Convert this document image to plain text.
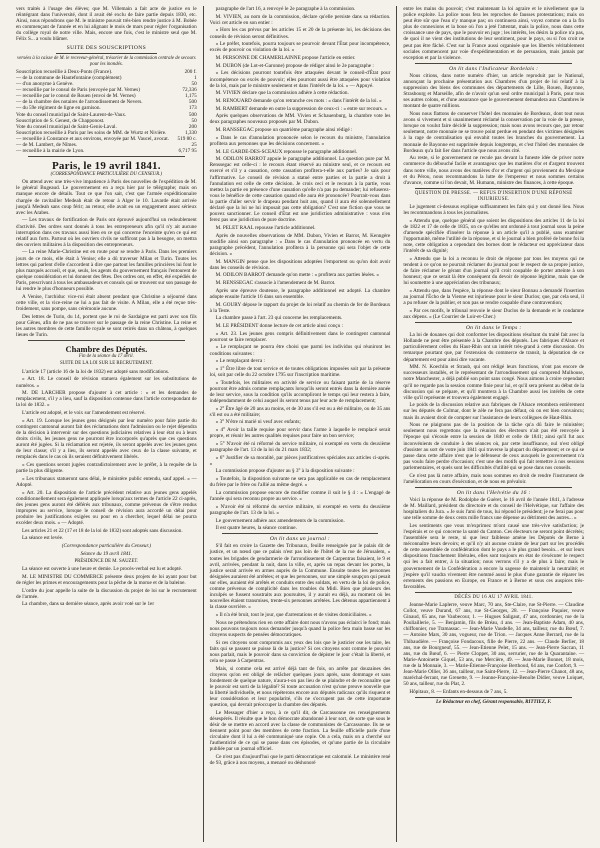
vers traités à l'usage des élèves; que M. Villemain a fait acte de justice en le réintégrant dans l'université, dont il avait été exclu de faire partie depuis 1830, etc. Ainsi, nous répondrons que M. le ministre pouvait très-bien rendre justice à M. Bobée en commençant de l'année et en lui alignant le mois de mars pour régler l'organisation du collège royal de notre ville. Mais, encore une fois, c'est le ministre seul que M. Félix S... a voulu blâmer.

SUITE DES SOUSCRIPTIONS

versées à la caisse de M. le receveur-général, trésorier de la commission centrale de secours pour les inondés.

Souscription recueillie à Deux-Ponts (France).	200 f.
— de la commune de Hautefontaine (complément)	1
— d'un anonyme à Genève.	50
— recueillie par le consul de Paris (envoyée par M. Vernes)	72,336
— recueillie par le consul de Rouen (envoi de M. Vernes)	1,175
— de la chambre des notaires de l'arrondissement de Nevers.	500
— du 59e régiment de ligne en garnison.	173
Vote du conseil municipal de Saint-Laurent-de-Vaux.	500
Souscription de S. Genest, de Chapponost.	50
Vote du conseil municipal de Saint-Genis-Laval.	200
Souscription recueillie à Paris par les soins de MM. de Wurtz et Nivière.	1,330
— recueillie à Constance et aux environs, envoyée par M. Vaucel, avocat.	519 80 c.
— de M. Lambert, de Nîmes.	25
— recueillie à la mairie de Lyon.	6,717 95
Paris, le 19 avril 1841.

(CORRESPONDANCE PARTICULIÈRE DU CENSEUR.)

On attend avec une très-vive impatience à Paris des nouvelles de l'expédition de M. le général Bugeaud. Le gouvernement en a reçu hier par le télégraphe; mais on manque encore de détails. Tout ce que l'on sait, c'est que l'armée expéditionnaire chargée de ravitailler Medeah était de retour à Alger le 10. Lavarde était arrivée jusqu'à Medeah sans coup férir; au retour, elle avait eu un engagement assez sérieux avec les Arabes.

— Les travaux de fortification de Paris ont éprouvé aujourd'hui un redoublement d'activité. Des ordres sont donnés à tous les entrepreneurs afin qu'il n'y ait aucune interruption dans ces travaux aussi bien en ce qui concerne l'enceinte qu'en ce qui est relatif aux forts. Partout où les ouvriers civils ne suffiront pas à la besogne, on mettra des ouvriers militaires à la disposition des entrepreneurs.

— La reine Marie-Christine est en route pour se rendre à Paris. Dans les premiers jours de ce mois, elle était à Venise; elle a dû traverser Milan et Turin. Toutes les lettres qui parlent d'elle s'accordent à dire que partout les familles princières lui font le plus marqués accueil, et que, seuls, les agents du gouvernement français l'entourent de quelque considération et lui donnent des fêtes. Des ordres ont, en effet, été expédiés de Paris, prescrivant à tous les ambassadeurs et consuls qui se trouvent sur son passage de lui rendre le plus d'honneurs possible.

A Venise, l'archiduc vice-roi était absent pendant que Christine a séjourné dans cette ville, et la vice-reine ne lui a pas fait de visite. A Milan, elle a été reçue très-froidement, sans pompe, sans cérémonie aucune.

Des lettres de Turin, du 14, portent que le roi de Sardaigne est parti avec son fils pour Gênes, afin de ne pas se trouver sur le passage de la reine Christine. La reine et les autres membres de cette famille royale se sont retirés dans un château, à quelques lieues de Turin.

Chambre des Députés.

Fin de la séance du 17 avril.

SUITE DE LA LOI SUR LE RECRUTEMENT.

L'article 17 (article 16 de la loi de 1832) est adopté sans modifications.

« Art. 18. Le conseil de révision statuera également sur les substitutions de numéros. »

M. DE LARCHER propose d'ajouter à cet article : « et les demandes de remplacement, s'il y a lieu, sauf la disposition contenue dans l'article correspondant de la loi de 1832. »

L'article est adopté, et le voix sur l'amendement est réservé.

« Art. 19. Lorsque les jeunes gens désignés par leur numéro pour faire partie du contingent cantonnal auront fait des réclamations dont l'admission ou le rejet dépendra de la décision à intervenir sur des questions judiciaires relatives à leur état ou à leurs droits civils, les jeunes gens ne pourront être incorporés qu'après que ces questions auront été jugées. Si la réclamation est rejetée, ils seront appelés avec les jeunes gens de leur classe; s'il y a lieu, ils seront appelés avec ceux de la classe suivante, et remplacés dans le cas où ils seraient définitivement libérés.

« Ces questions seront jugées contradictoirement avec le préfet, à la requête de la partie la plus diligente.

« Les tribunaux statueront sans délai, le ministère public entendu, sauf appel. » — Adopté.

« Art. 20. La disposition de l'article précédent relative aux jeunes gens appelés conditionnellement sera également appliquée lorsqu'aux termes de l'article 22 ci-après, des jeunes gens auront été déférés aux tribunaux, comme prévenus de s'être rendus impropres au service, lorsque le conseil de révision aura accordé un délai pour produire les justifications exigées ou pour en a chercher, lequel délai ne pourra excéder deux mois. » — Adopté.

Les articles 21 et 22 (17 et 18 de la loi de 1832) sont adoptés sans discussion.

La séance est levée.

(Correspondance particulière du Censeur.)

Séance du 19 avril 1841.

PRÉSIDENCE DE M. SAUZET.

La séance est ouverte à une heure et demie. Le procès-verbal est lu et adopté.

M. LE MINISTRE DU COMMERCE présente deux projets de loi ayant pour but de régler les primes et encouragements pour la pêche de la morue et de la baleine.

L'ordre du jour appelle la suite de la discussion du projet de loi sur le recrutement de l'armée.

La chambre, dans sa dernière séance, après avoir voté sur le 1er

paragraphe de l'art 16, a renvoyé le 2e paragraphe à la commission.

M. VIVIEN, au nom de la commission, déclare qu'elle persiste dans sa rédaction. Voici cet article en son entier :

« Hors les cas prévus par les articles 15 et 20 de la présente loi, les décisions des conseils de révision seront définitives.

« Le préfet, toutefois, pourra toujours se pourvoir devant l'État pour incompétence, excès de pouvoir ou violation de la loi. »

M. PERSONNE DE CHAMERLAINNE propose l'article en entier.

M. DUBON (de Lot-et-Garonne) propose de rédiger ainsi le 2e paragraphe :

« Les décisions pourront toutefois être attaquées devant le conseil-d'État pour incompétence ou excès de pouvoir; elles pourront aussi être attaquées pour violation de la loi, mais par le ministre seulement et dans l'intérêt de la loi. » — Appuyé.

M. VIVIEN déclare que la commission adhère à cette rédaction.

M. RENOUARD demande qu'on retranche ces mots : « dans l'intérêt de la loi. »

M. RAMBERT demande en outre la suppression de ceux-ci : « entre sur recours. »

Après quelques observations de MM. Vivien et Schauenburg, la chambre vote les deux paragraphes nouveaux proposés par M. Dubon.

M. RANSSEGAC propose un quatrième paragraphe ainsi rédigé :

« Dans le cas d'annulation prononcée selon le recours du ministre, l'annulation profitera aux personnes que les décisions concernent. »

M. LE GARDE-DES-SCEAUX repousse le paragraphe additionnel.

M. ODILON BARROT appuie le paragraphe additionnel. La question pure par M. Renssegac est celle-ci : le recours étant réservé au ministre seul, et ce recours est exercé et s'il y a cassation, cette cassation profitera-t-elle aux parties? Je sais pour l'affirmative. Le conseil de révision a statué entre parties et la partie a droit à l'annulation est celle de cette décision. Je crois ceci et le recours à la partie, vous mettez la partie en présence d'une cassation qu'elle n'a pas pu demander; lui refuserez-vous le bénéfice de cette cassation quand elle aura été prononcée? Pourrait-vous dans la partie d'aller servir le drapeau pendant huit ans, quand il aura été solennellement déclaré que la loi ne lui imposait pas cette obligation? C'est une fiction que vous ne pouvez sanctionner. Le conseil d'État est une juridiction administrative : vous n'en ferez pas une juridiction de pure doctrine.

M. PELET RAAL repousse l'article additionnel.

Après de nouvelles observations de MM. Dubon, Vivien et Barrot, M. Kenngère modifie ainsi son paragraphe : « Dans le cas d'annulation prononcée en vertu du paragraphe précédent, l'annulation profitera à la personne qui sera l'objet de cette décision. »

M. MANGIN pense que les dispositions adoptées l'emportent ou qu'on doit avoir dans les conseils de révision.

M. ODILON BARROT demande qu'on mette : « profitera aux parties lésées. »

M. RENSSEGAC s'associe à l'amendement de M. Barrot.

Après une épreuve douteuse, le paragraphe additionnel est adopté. La chambre adopte ensuite l'article 16 dans son ensemble.

M. GOURY dépose le rapport du projet de loi relatif au chemin de fer de Bordeaux à la Teste.

La chambre passe à l'art. 23 qui concerne les remplacements.

M. LE PRÉSIDENT donne lecture de cet article ainsi conçu :

« Art. 23. Les jeunes gens compris définitivement dans le contingent cantonnal pourront se faire remplacer.

« Le remplaçant ne pourra être choisi que parmi les individus qui réuniront les conditions suivantes :

« Le remplaçant devra :

« 1° Être libre de tout service et de toutes obligations imposées soit par la présente loi, soit par celle du 22 octobre 1795 sur l'inscription maritime.

« Toutefois, les militaires en activité de service ou faisant partie de la réserve pourront être admis comme remplaçants lorsqu'ils seront entrés dans la dernière année de leur service, sous la condition qu'ils accompliront le temps qui leur restera à faire, indépendamment de celui auquel ils seront tenus par leur acte de remplacement;

« 2° Être âgé de 20 ans au moins, et de 30 ans s'il est ou a été militaire, ou de 35 ans s'il est ou a été militaire;

« 3° N'être ni marié ni veuf avec enfants;

« 4° Avoir la taille requise pour servir dans l'arme à laquelle le remplacé serait propre, et réunir les autres qualités requises pour faire un bon service;

« 5° N'avoir été ni réformé du service militaire, ni exempté en vertu du deuxième paragraphe de l'art. 13 de la loi du 21 mars 1832;

« 6° Justifier de sa moralité, par pièces justificatives spéciales aux articles ci-après. »

La commission propose d'ajouter au § 3° à la disposition suivante :

« Toutefois, la disposition suivante ne sera pas applicable en cas de remplacement du frère par le frère ou l'allié au même degré. »

La commission propose encore de modifier comme il suit le § 4 : « L'engagé de l'année qui sera reconnu propre au service. »

« N'avoir été ni réformé du service militaire, ni exempté en vertu du deuxième paragraphe de l'art. 13 de la loi. »

Le gouvernement adhère aux amendements de la commission.

Il est quatre heures, la séance continue.

On lit dans un journal :

S'il fait en croire la Gazette des Tribunaux, feuille renseignée par le palais dit de justice, et un nœud que ce palais n'est pas loin de l'hôtel de la rue de Jérusalem, « toutes les brigades de gendarmerie de l'arrondissement de Carpentras faisaient, le 9 et avril, arrivées, pendant la nuit, dans la ville, et, après un repas devant les portes, la justice serait arrivée en armes auprès de la Commune. Ensuite toutes les personnes désignées auraient été arrêtées; et que les personnes, sur une simple soupçon qui pesait sur elles, auraient été arrêtés et conduits entre des soldats, en vertu de la loi de police, comme prévenus de complicité dans les troubles du Midi. Bien que plusieurs des inculpés se fussent soustraits aux poursuites, il y aurait eu déjà, au moment où les nouvelles étaient transmises, trente-six personnes arrêtées. Les détenus appartiennent à la classe ouvrière. »

« Il n'a été bruit, tout le jour, que d'arrestations et de visites domiciliaires. »

Nous ne prétendons rien en cette affaire dont nous n'avons pas éclairci le fond; mais nous pouvons toujours nous demander jusqu'à quand la police fera main basse sur les citoyens suspects de pensées démocratiques.

Si ces citoyens sont compromis aux yeux des lois que le justicier ose les taire, les faits qui se passent se puisse là de la justice? Si ces citoyens sont comme le pouvoir nous parlait, mais le pouvoir dans sa conviction de dépister le jour c'était la liberté, et cela se passe à Carpentras.

Mais, si comme cela est arrivé déjà tant de fois, on arrête par douzaines des citoyens qu'on est obligé de relâcher quelques jours après, sans dommage et sans fondement de quelque nature, n'aura-t-on pas lieu de se plaindre et de reconnaître que le pouvoir est sorti de la légalité? Si toute accusation n'est qu'une preuve nouvelle que la liberté individuelle, et nous répéterons encore aux députés radicaux qu'ils risquent et leur considération et leur popularité, s'ils ne s'occupent pas de cette importante question, qui devrait préoccuper la chambre des députés.

Le Messager d'hier a reçu, à ce qu'il dit, de Carcassonne ces renseignements désespérés. Il résulte que le bon démocrate abandonné à leur sort, de sorte que sous le désir de se mettre en accord avec la classe de communistes de Carcassonne. Ils ne se tiennent point pour des membres de cette fraction. La feuille officielle parle d'une circulaire dont il lui a été communiqué une copie. On a cela, mais on a cherché sur l'authenticité de ce qui se passe dans ces épisodes, et qu'une partie de la circulaire publiée par un journal officiel.

Ce n'est pas d'aujourd'hui que le parti démocratique est calomnié. Le ministère rené de 93, grâce à nos moyens, a menacé ou déshonoré

entre les mains du pouvoir; c'est maintenant la loi agraire et le nivellement que la police exploite. La police nous fera les reproches de fausses protestations; mais on peut être sûr que l'eau n'y manque pas; on continuera ainsi, voyez comme on a la fin plus de connexions et la boue où l'on a jeté l'attentat, mais la police, nous dans cette croissance une de pays, que le pouvoir en juge ; les intérêts, les désirs la police n'a pas, de quoi il ne vient des institutions de leur sentiment, pour le pays, ou si l'on croit ne peut pas être fâché. C'est sur la France aussi organisée que les libertés véritablement sociales commencent par voie d'expédimentation et de persuasion, mais jamais par exception et par la violence.

On lit dans l'Indicateur Bordelais :

Nous citions, dans notre numéro d'hier, un article reproduit par le National, annonçant la prochaine présentation aux Chambres d'un projet de loi relatif à la suppression des biens des communes des départements de Lille, Rouen, Bayonne, Strasbourg et Marseille, afin de n'avoir qu'un seul ordre municipal à Paris, pour tous ses autres colons, et d'une assurance que le gouvernement demandera aux Chambres le montant de quatre millions.

Nous nous flattons de conserver l'hôtel des monnaies de Bordeaux, dont tout nous avons si vivement et si unanimement réclamé la conservation par la voie de la presse, lorsque on voulut faire décidé la suppression; mais nous avons recours que, par retour seulement, notre monnaie ne se trouve point perdue en pendant des victimes désignées à la rage de centralisation qui envahit toutes les branches du gouvernement. La monnaie de Bayonne est supprimée depuis longtemps, et c'est l'hôtel des monnaies de Bordeaux qu'a fait lier dans l'article que nous avons cité.

Au reste, si le gouvernement ne recule pas devant la funeste idée de priver notre commerce du débouché facile et avantageux que les matières d'or et d'argent trouvent dans notre ville, nous avons des matières d'or et d'argent qui proviennent du Mexique et du Pérou, nous recommandons la lutte de l'empereur et nous sommes certains d'avance, comme si l'on devait, M. Humann, ministre des finances, à cette époque.

QUESTION DE PRESSE. — REFUS D'INSERTION D'UNE RÉPONSE INJURIEUSE.

Le jugement ci-dessous explique suffisamment les faits qui y ont donné lieu. Nous les recommandons à tous les journalistes.

« Attendu que, quelque général que soient les dispositions des articles 11 de la loi de 1822 et 17 de celle de 1835, on ce qu'elles ont ordonné à tout journal sous la peine d'amende spécifiée d'insérer la réponse à un article qu'il a publié, sans examiner l'opportunité, même l'utilité de la réponse, et si le journal a bien proféré de bonne foi la note, cette obligation a cependant des bornes dont le rédacteur est appréciateur dans l'intérêt de sa dignité;

« Attendu que la loi a reconnu le droit de réponse par tous les moyens qui ne tendent à ce qu'on ne pourrait réclamer du journal pour le respect de sa propre justice, de faire réclamer le gérant d'un journal qu'il croit coupable de porter atteinte à son honneur; que ce serait là être conséquent du devoir de réponse légitime, mais que de lui soumettre à une appréciation des tribunaux;

« Attendu que, dans l'espèce, la réponse dont le sieur Bonnau a demandé l'insertion au journal l'Écho de la Vienne est injurieuse pour le sieur Duclos; que, par cela seul, il a pu refuser de la publier, et non pas se rendre coupable d'une contravention;

« Par ces motifs, le tribunal renvoie le sieur Duclos de la demande et le condamne aux dépens. » (Le Courrier de Loir-et-Cher.)

On lit dans le Temps :

La loi de douanes qui doit conformer les dispositions résultant du traité fait avec la Hollande ne peut être présentée à la Chambre des députés. Les fabriques d'Alsace et particulièrement celles du Haut-Rhin ont un intérêt très-grand à cette discussion. On remarque pourtant que, par l'extension du commerce de transit, la députation de ce département est pour ainsi dire vacante.

MM. N. Koechlin et Straub, qui ont rédigé leurs fonctions, n'ont pas encore de successeurs installés, et le représentant de l'arrondissement qui comprend Mulhouse, notre Manchester, a déjà publié son point sans congé. Nous aimons à croire cependant qu'il ne regarde pas la session comme finie pour lui, et qu'il sera présent au début de la discussion qui se prépare, et qu'il montrera à la Chambre aussi les intérêts de cette ville qu'il représente et trouvera également engagé.

Le poids de la discussion relative aux fabriques de l'Alsace retombera entièrement sur les députés de Colmar, dont le zèle ne fera pas défaut, où on est bien convaincu; mais ils avaient droit de compter sur l'assistance de leurs collègues de Haut-Rhin.

Nous ne plaignons pas de la position de la tâche qu'a dû faire le ministère; seulement nous regrettons que la réunion des électeurs n'ait pas été renvoyée à l'époque qui s'écoule entre la session de 1840 et celle de 1841; ainsi qu'il fut aux inconvénients de conduire à des séances où, par cette insuffisance, nul n'est obligé d'assister au sort de votre juin 1841 qui traverse la plupart du département; et ce qui se passe dans cette affaire n'est que le défenseur de ceux auxquels le gouvernement n'a pas voulu faire perdre d'occasion; c'est une des motifs qui fait remettre à nos sessions parlementaires, et quels sont les difficultés d'utilité qui se pose dans nos conseils.

Ce n'est pas là notre affaire, mais nous sommes en droit de rendre l'instrument de l'amélioration en cours d'exécution, et de nous en prévaloir.

On lit dans l'Helvétie du 16 :

Voici la réponse de M. Rodolphe de Guéret, le 16 avril de l'année 1841, à l'adresse de M. Maillard, président du directoire et du conseil de l'Helvétique, sur l'affaire des hospitaliers du Jura. « Je suis l'ami de tous, lui répond le président; je ne ferai pas pour une telle somme de deux cents mille francs une dépense au détriment des autres... »

Les sentiments que vous m'exprimez m'ont causé une très-vive satisfaction; je l'espérais et ce qui concerne la santé du Canton. Ces électeurs ne seront point décrétés; l'assemblée sera le reste, ni que leur faiblesse amène les Députés de Berne à méconnaître leurs devoirs; et qu'il n'y ait aucune crainte de leur part sur les procédés de cette assemblée de confédération dont le pays a le plus grand besoin... et sur leurs dispositions franchement libérales, elles sont toujours en état de s'exécuter le respect qui les a fait entrer, à la situation; nous verrons s'il y a de plus à faire; mais le gouvernement de la Confédération a encore la sagesse de maintenir la neutralité; et j'espère qu'il vaudra vivement être nommé aussi le plus d'une garantie de réparer les errements des passions en Europe, en France et à Berne et sous ces auspices très-favorables.

DÉCÈS DU 16 AU 17 AVRIL 1841.

Jeanne-Marie Laplerre, veuve Marc, 70 ans, Ste-Claire, rue St-Pierre. — Claudine Collot, veuve Durand, 67 ans, rue St-Georges, 28. — Françoise Paquier, veuve Ginaud, 65 ans, rue Vaubecour, 1. — Hugues Saligaut, 47 ans, cordonnier, rue de la Pouliaillerie, 5. — Benjamin, fils de Bréau, 4 ans. — Jean-Baptiste Adam, 40 ans, chiffonnier, rue Tramassac. — Jean-Marie Vaudelle, 34 ans, tailleur, rue du Bœuf, 7. — Antoine Mars, 30 ans, vogueur, rue de Trion. — Jacques Anne Berrard, rue de la Thibaudière. — Françoise Fondacoux, fille de Pierre, 22 ans. — Claude Berlier, 18 ans, rue de Bourgneuf, 55. — Jean-Etienne Pelet, 15 ans. — Jean-Pierre Saccan, 11 ans, rue du Bœuf, 6. — Pierre Cloppet, 30 ans, serrurier, rue de la Quarantaine. — Marie-Antoinette Giquel, 53 ans, rue Mercière, 49. — Jean-Marie Bonnet, 18 mois, rue de la Monnaie, 3. — Marie-Étienne-Françoise Berthoud, 64 ans, rue Confort, 9. — Jean-Marie Ollier, 36 ans, tailleur, rue Saint-Pierre, 12. — Jean-Pierre Chanot, 48 ans, maréchal-ferrant, rue Grenette, 9. — Jeanne-Françoise-Benoîte Didier, veuve Loiquet, 50 ans, tailleur, rue du Plat, 2.

Hôpitaux, 8. — Enfants en-dessous de 7 ans, 5.

Le Rédacteur en chef, Gérant responsable, RITTIEZ, F.
